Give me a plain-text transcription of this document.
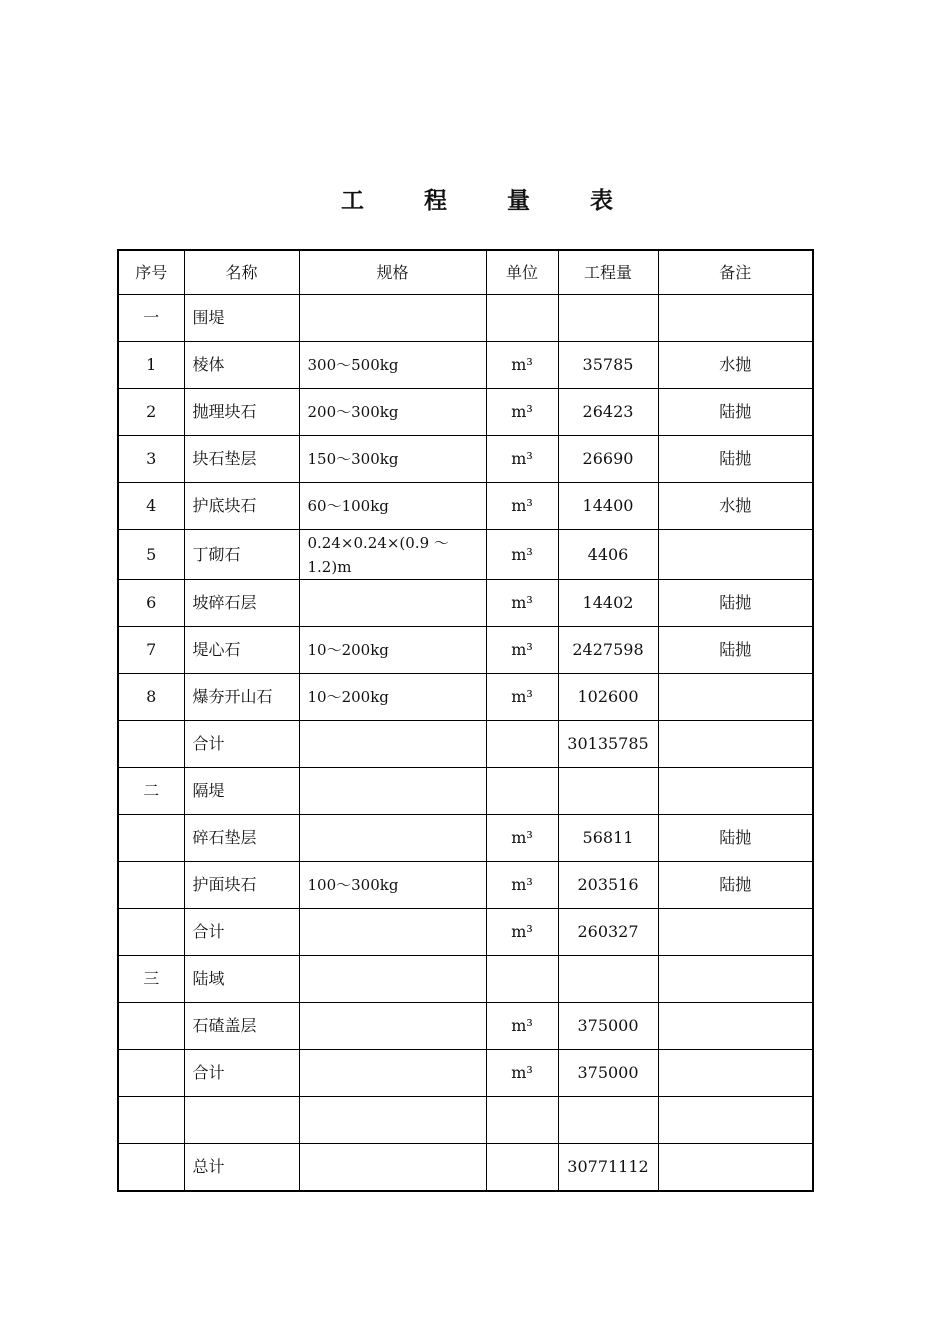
工 程 量 表
序号	名称	规格	单位	工程量	备注
一	围堤				
1	棱体	300～500kg	m³	35785	水抛
2	抛理块石	200～300kg	m³	26423	陆抛
3	块石垫层	150～300kg	m³	26690	陆抛
4	护底块石	60～100kg	m³	14400	水抛
5	丁砌石	0.24×0.24×(0.9 ～1.2)m	m³	4406	
6	坡碎石层		m³	14402	陆抛
7	堤心石	10～200kg	m³	2427598	陆抛
8	爆夯开山石	10～200kg	m³	102600	
	合计			30135785	
二	隔堤				
	碎石垫层		m³	56811	陆抛
	护面块石	100～300kg	m³	203516	陆抛
	合计		m³	260327	
三	陆域				
	石碴盖层		m³	375000	
	合计		m³	375000	

	总计			30771112	
